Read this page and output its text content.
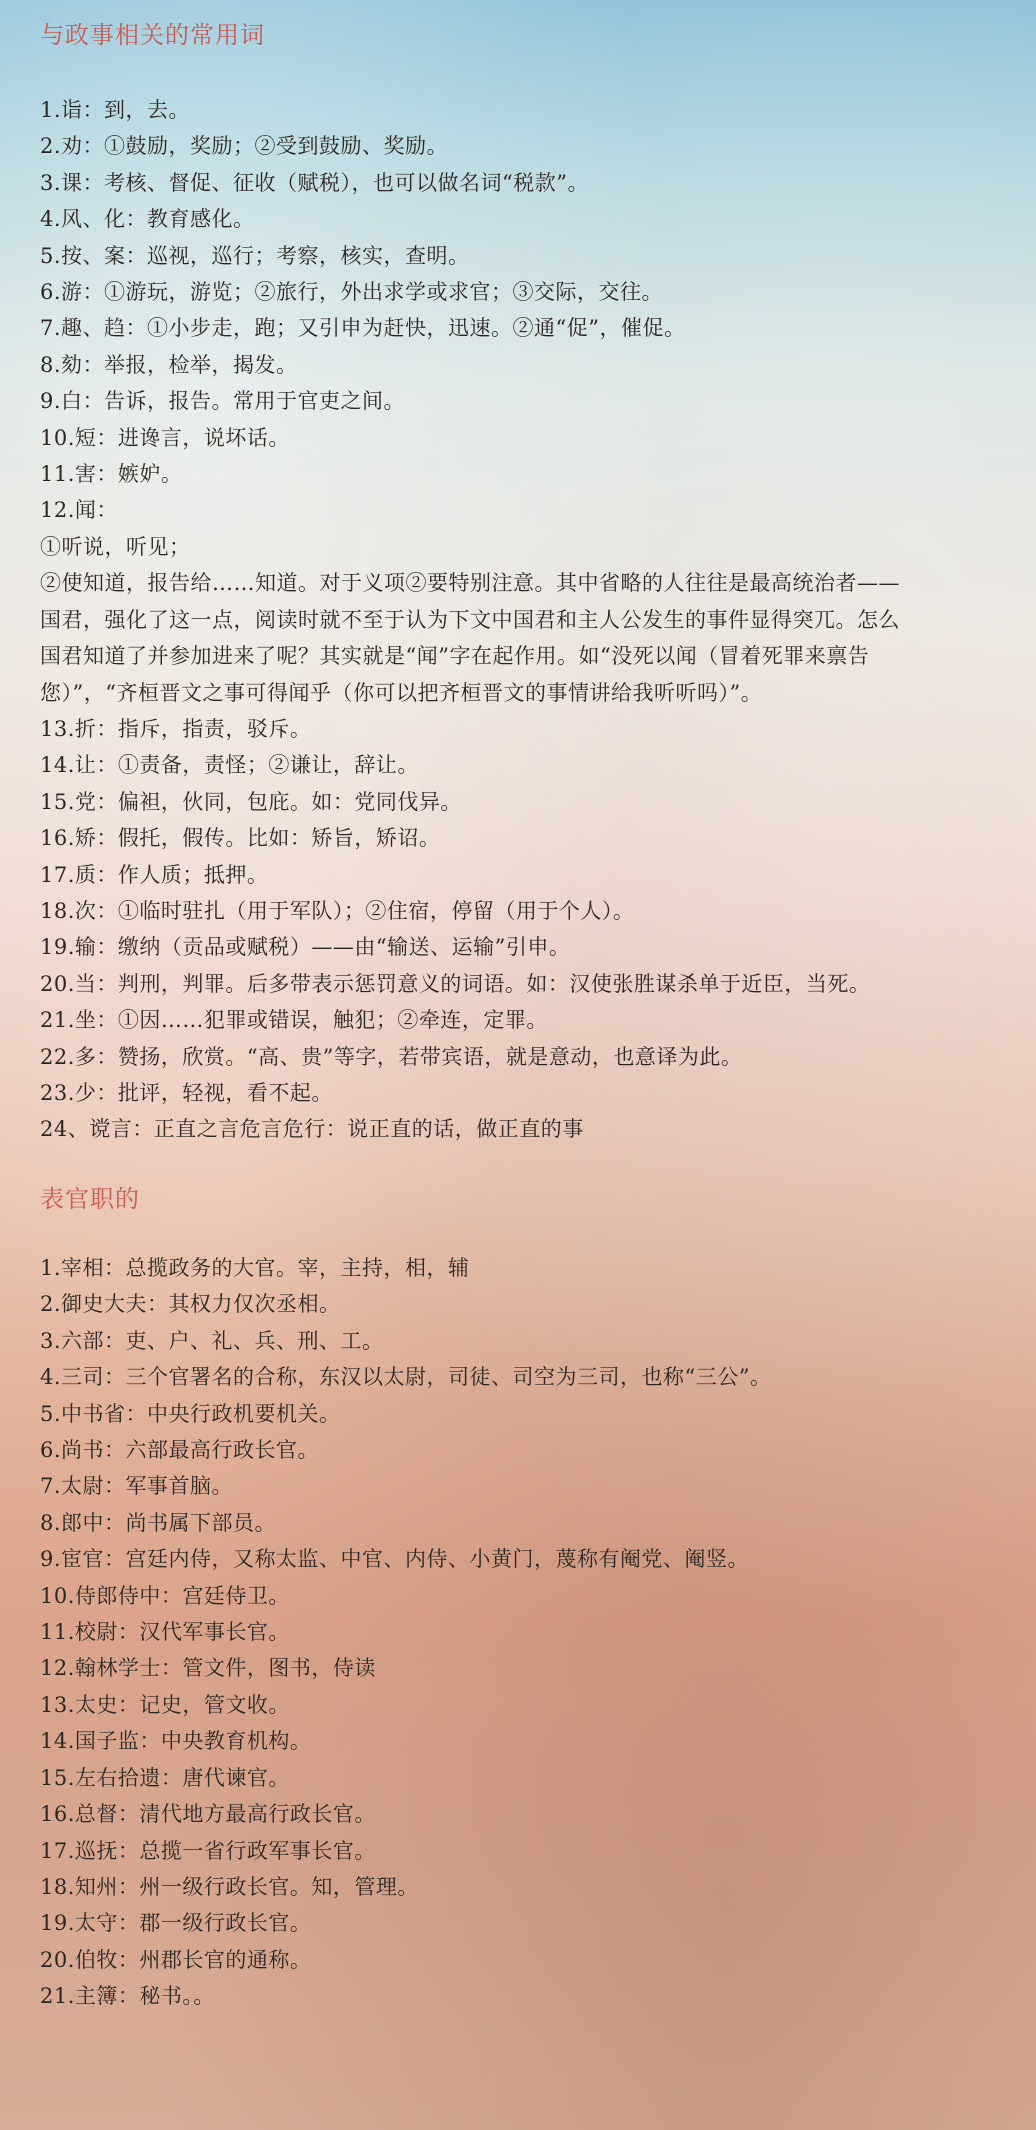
与政事相关的常用词
1.诣：到，去。
2.劝：①鼓励，奖励；②受到鼓励、奖励。
3.课：考核、督促、征收（赋税），也可以做名词“税款”。
4.风、化：教育感化。
5.按、案：巡视，巡行；考察，核实，查明。
6.游：①游玩，游览；②旅行，外出求学或求官；③交际，交往。
7.趣、趋：①小步走，跑；又引申为赶快，迅速。②通“促”，催促。
8.劾：举报，检举，揭发。
9.白：告诉，报告。常用于官吏之间。
10.短：进谗言，说坏话。
11.害：嫉妒。
12.闻：
①听说，听见；
②使知道，报告给……知道。对于义项②要特别注意。其中省略的人往往是最高统治者——
国君，强化了这一点，阅读时就不至于认为下文中国君和主人公发生的事件显得突兀。怎么
国君知道了并参加进来了呢？其实就是“闻”字在起作用。如“没死以闻（冒着死罪来禀告
您）”，“齐桓晋文之事可得闻乎（你可以把齐桓晋文的事情讲给我听听吗）”。
13.折：指斥，指责，驳斥。
14.让：①责备，责怪；②谦让，辞让。
15.党：偏袒，伙同，包庇。如：党同伐异。
16.矫：假托，假传。比如：矫旨，矫诏。
17.质：作人质；抵押。
18.次：①临时驻扎（用于军队）；②住宿，停留（用于个人）。
19.输：缴纳（贡品或赋税）——由“输送、运输”引申。
20.当：判刑，判罪。后多带表示惩罚意义的词语。如：汉使张胜谋杀单于近臣，当死。
21.坐：①因……犯罪或错误，触犯；②牵连，定罪。
22.多：赞扬，欣赏。“高、贵”等字，若带宾语，就是意动，也意译为此。
23.少：批评，轻视，看不起。
24、谠言：正直之言危言危行：说正直的话，做正直的事
表官职的
1.宰相：总揽政务的大官。宰，主持，相，辅
2.御史大夫：其权力仅次丞相。
3.六部：吏、户、礼、兵、刑、工。
4.三司：三个官署名的合称，东汉以太尉，司徒、司空为三司，也称“三公”。
5.中书省：中央行政机要机关。
6.尚书：六部最高行政长官。
7.太尉：军事首脑。
8.郎中：尚书属下部员。
9.宦官：宫廷内侍，又称太监、中官、内侍、小黄门，蔑称有阉党、阉竖。
10.侍郎侍中：宫廷侍卫。
11.校尉：汉代军事长官。
12.翰林学士：管文件，图书，侍读
13.太史：记史，管文收。
14.国子监：中央教育机构。
15.左右拾遗：唐代谏官。
16.总督：清代地方最高行政长官。
17.巡抚：总揽一省行政军事长官。
18.知州：州一级行政长官。知，管理。
19.太守：郡一级行政长官。
20.伯牧：州郡长官的通称。
21.主簿：秘书。。
